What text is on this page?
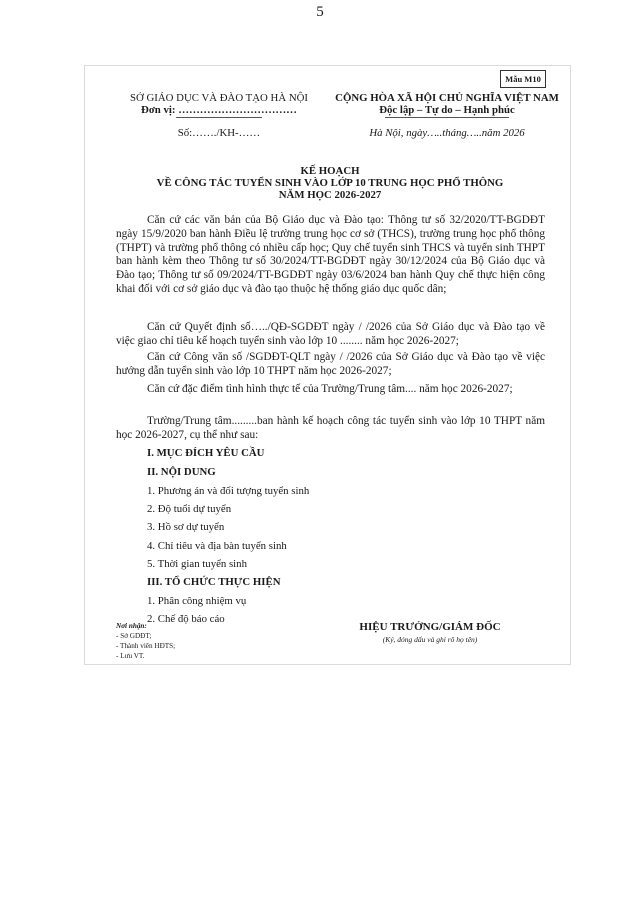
5
Mẫu M10
SỞ GIÁO DỤC VÀ ĐÀO TẠO HÀ NỘI
Đơn vị: ……………………………
Số:……./KH-……
CỘNG HÒA XÃ HỘI CHỦ NGHĨA VIỆT NAM
Độc lập – Tự do – Hạnh phúc
Hà Nội, ngày…..tháng…..năm 2026
KẾ HOẠCH
VỀ CÔNG TÁC TUYỂN SINH VÀO LỚP 10 TRUNG HỌC PHỔ THÔNG
NĂM HỌC 2026-2027

Căn cứ các văn bản của Bộ Giáo dục và Đào tạo: Thông tư số 32/2020/TT-BGDĐT ngày 15/9/2020 ban hành Điều lệ trường trung học cơ sở (THCS), trường trung học phổ thông (THPT) và trường phổ thông có nhiều cấp học; Quy chế tuyển sinh THCS và tuyển sinh THPT ban hành kèm theo Thông tư số 30/2024/TT-BGDĐT ngày 30/12/2024 của Bộ Giáo dục và Đào tạo; Thông tư số 09/2024/TT-BGDĐT ngày 03/6/2024 ban hành Quy chế thực hiện công khai đối với cơ sở giáo dục và đào tạo thuộc hệ thống giáo dục quốc dân;

Căn cứ Quyết định số…../QĐ-SGDĐT ngày / /2026 của Sở Giáo dục và Đào tạo về việc giao chỉ tiêu kế hoạch tuyển sinh vào lớp 10 ........ năm học 2026-2027;

Căn cứ Công văn số /SGDĐT-QLT ngày / /2026 của Sở Giáo dục và Đào tạo về việc hướng dẫn tuyển sinh vào lớp 10 THPT năm học 2026-2027;

Căn cứ đặc điểm tình hình thực tế của Trường/Trung tâm.... năm học 2026-2027;

Trường/Trung tâm.........ban hành kế hoạch công tác tuyển sinh vào lớp 10 THPT năm học 2026-2027, cụ thể như sau:

I. MỤC ĐÍCH YÊU CẦU
II. NỘI DUNG
1. Phương án và đối tượng tuyển sinh
2. Độ tuổi dự tuyển
3. Hồ sơ dự tuyển
4. Chỉ tiêu và địa bàn tuyển sinh
5. Thời gian tuyển sinh
III. TỔ CHỨC THỰC HIỆN
1. Phân công nhiệm vụ
2. Chế độ báo cáo
Nơi nhận:
- Sở GDĐT;
- Thành viên HĐTS;
- Lưu VT.
HIỆU TRƯỞNG/GIÁM ĐỐC
(Ký, đóng dấu và ghi rõ họ tên)
